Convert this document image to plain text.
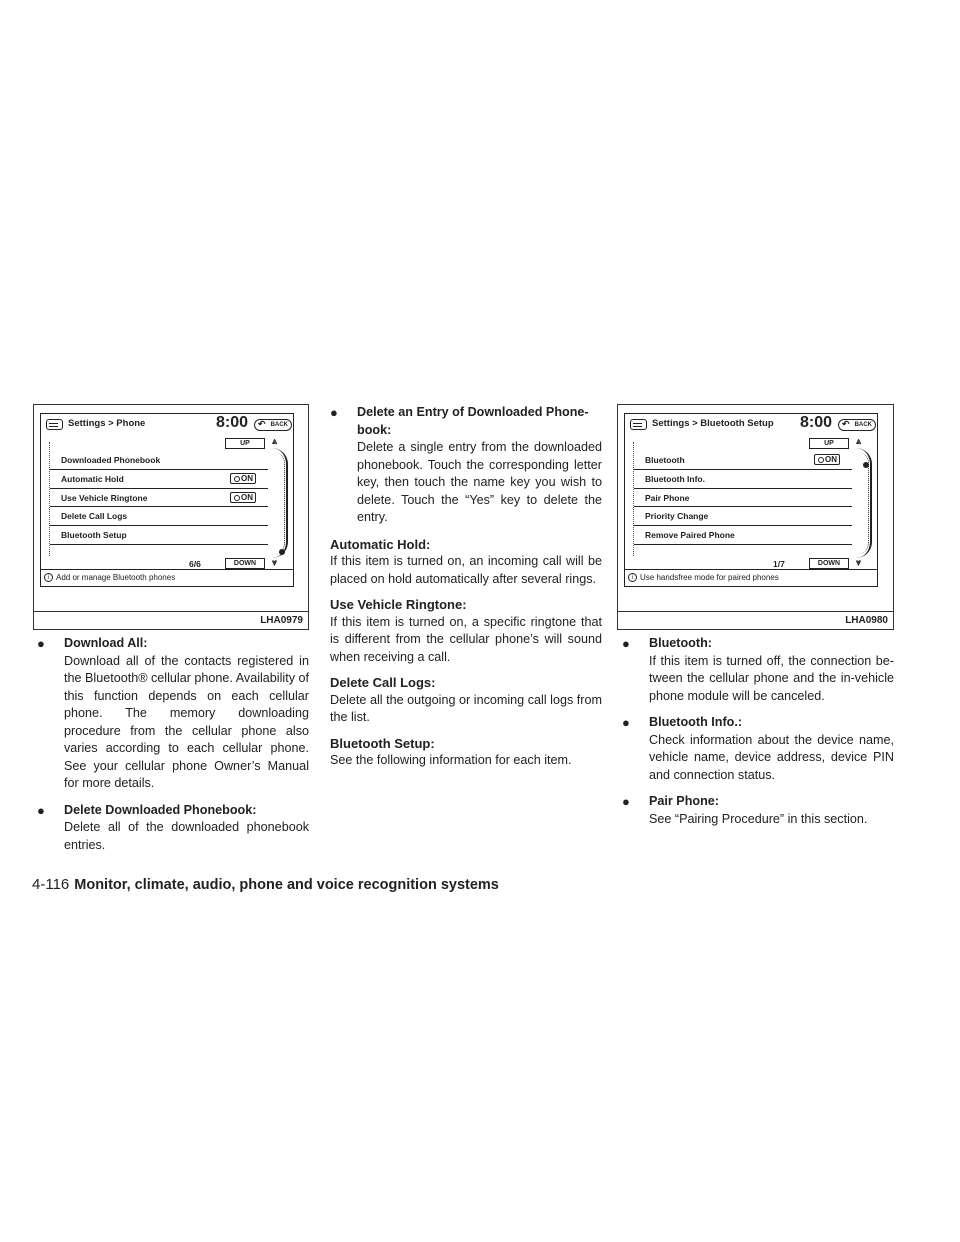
Settings > Phone	8:00 ↶ BACK
UP	⩓
Downloaded Phonebook
Automatic Hold	ON
Use Vehicle Ringtone	ON
Delete Call Logs
Bluetooth Setup
6/6	DOWN	⩔
i Add or manage Bluetooth phones
LHA0979
Settings > Bluetooth Setup 8:00 ↶ BACK
UP	⩓
Bluetooth	ON
Bluetooth Info.
Pair Phone
Priority Change
Remove Paired Phone
1/7	DOWN	⩔
i Use handsfree mode for paired phones
LHA0980
● Download All:
Download all of the contacts registered in the Bluetooth® cellular phone. Availability of this function depends on each cellular phone. The memory downloading procedure from the cellular phone also varies according to each cellular phone. See your cellular phone Owner’s Manual for more details.
● Delete Downloaded Phonebook:
Delete all of the downloaded phonebook entries.
● Delete an Entry of Downloaded Phone-book:
Delete a single entry from the downloaded phonebook. Touch the corresponding letter key, then touch the name key you wish to delete. Touch the “Yes” key to delete the entry.
Automatic Hold:
If this item is turned on, an incoming call will be placed on hold automatically after several rings.
Use Vehicle Ringtone:
If this item is turned on, a specific ringtone that is different from the cellular phone’s will sound when receiving a call.
Delete Call Logs:
Delete all the outgoing or incoming call logs from the list.
Bluetooth Setup:
See the following information for each item.
● Bluetooth:
If this item is turned off, the connection be-tween the cellular phone and the in-vehicle phone module will be canceled.
● Bluetooth Info.:
Check information about the device name, vehicle name, device address, device PIN and connection status.
● Pair Phone:
See “Pairing Procedure” in this section.
4-116 Monitor, climate, audio, phone and voice recognition systems
